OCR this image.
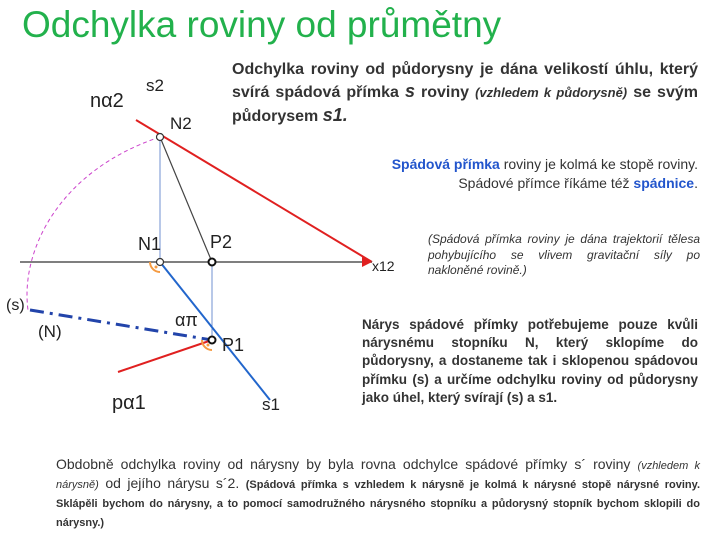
Odchylka roviny od průmětny
nα2
s2
N2
N1	P2
x12
(s)
(N)
απ
P1
pα1	s1

Odchylka roviny od půdorysny je dána velikostí úhlu, který svírá spádová přímka s roviny (vzhledem k půdorysně) se svým půdorysem s1.

Spádová přímka roviny je kolmá ke stopě roviny. Spádové přímce říkáme též spádnice.

(Spádová přímka roviny je dána trajektorií tělesa pohybujícího se vlivem gravitační síly po nakloněné rovině.)

Nárys spádové přímky potřebujeme pouze kvůli nárysnému stopníku N, který sklopíme do půdorysny, a dostaneme tak i sklopenou spádovou přímku (s) a určíme odchylku roviny od půdorysny jako úhel, který svírají (s) a s1.

Obdobně odchylka roviny od nárysny by byla rovna odchylce spádové přímky s´ roviny (vzhledem k nárysně) od jejího nárysu s´2. (Spádová přímka s vzhledem k nárysně je kolmá k nárysné stopě nárysné roviny. Sklápěli bychom do nárysny, a to pomocí samodružného nárysného stopníku a půdorysný stopník bychom sklopili do nárysny.)
